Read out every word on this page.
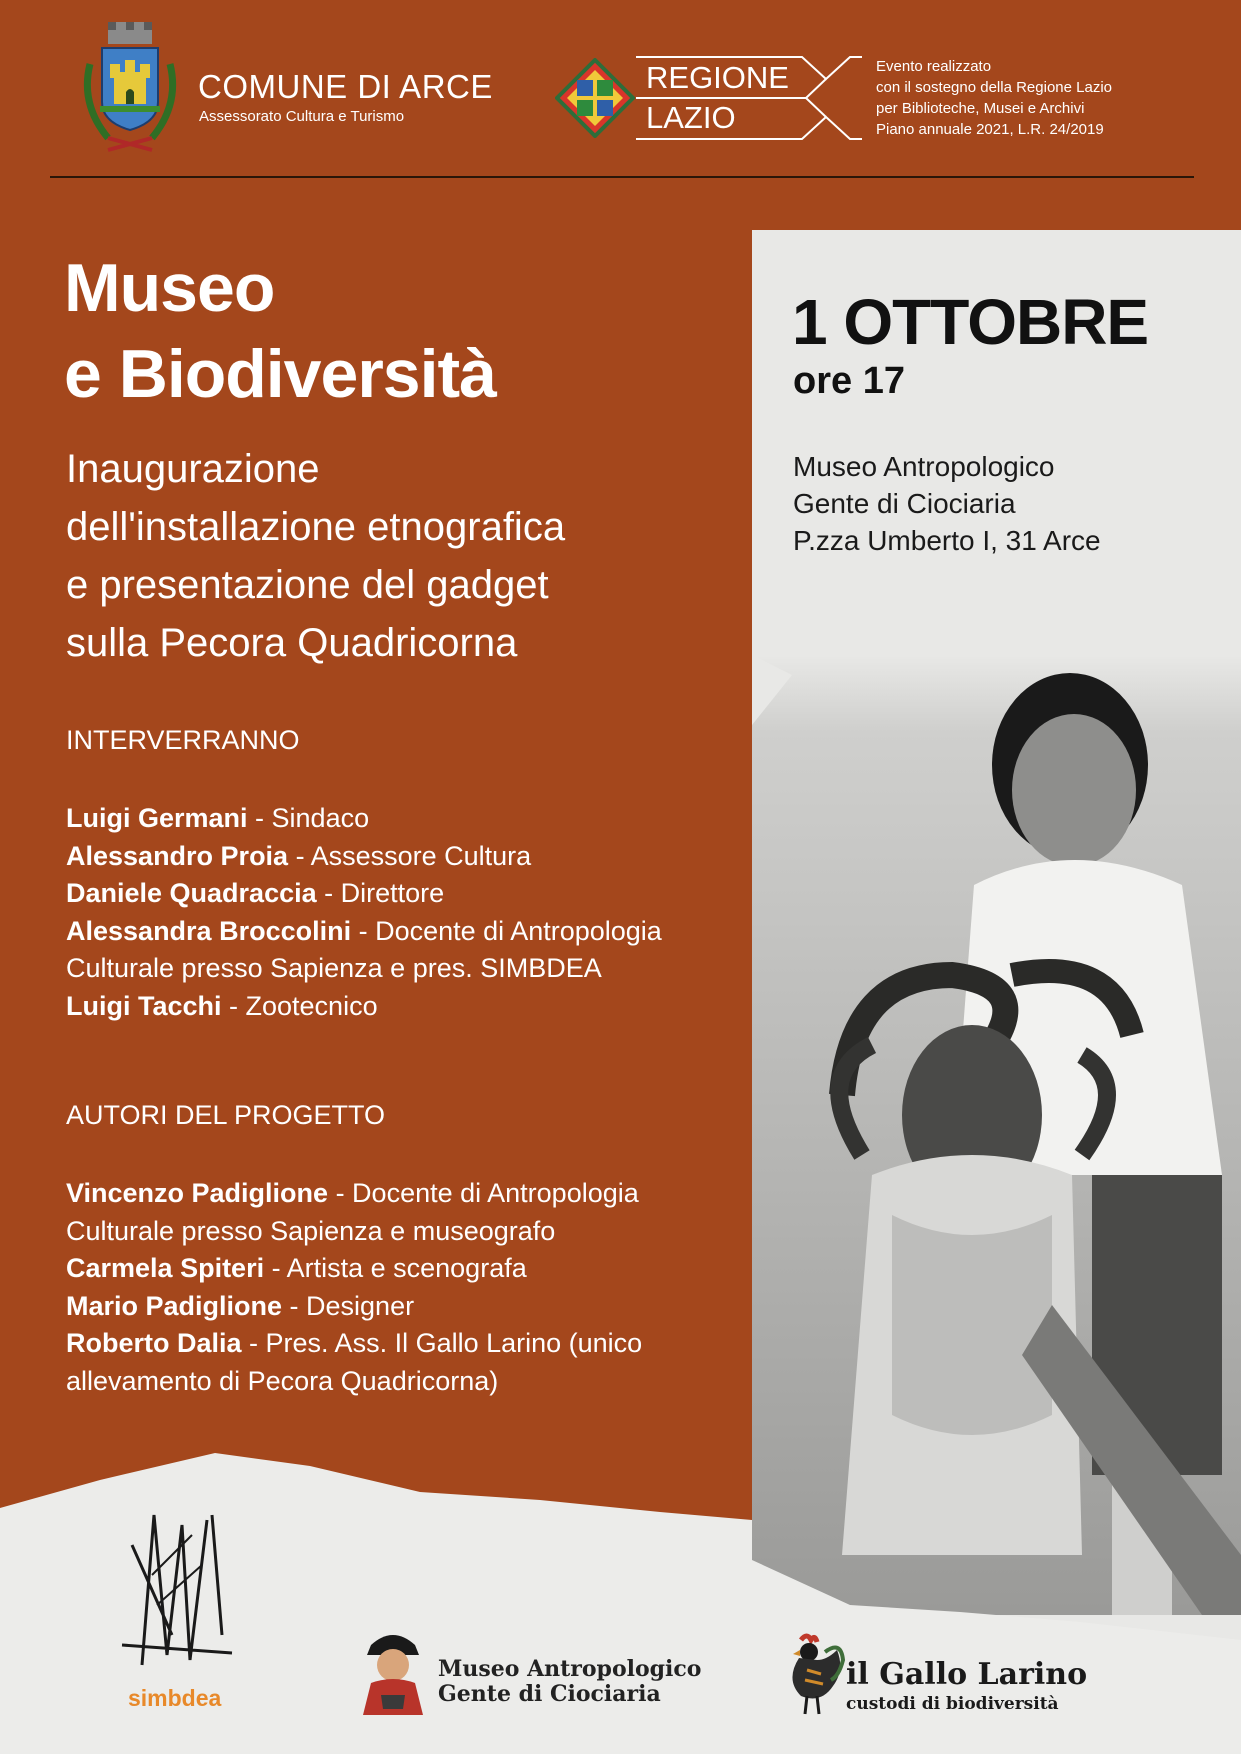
COMUNE DI ARCE
Assessorato Cultura e Turismo
REGIONE
LAZIO
Evento realizzato
con il sostegno della Regione Lazio
per Biblioteche, Musei e Archivi
Piano annuale 2021, L.R. 24/2019
1 OTTOBRE
ore 17
Museo Antropologico
Gente di Ciociaria
P.zza Umberto I, 31 Arce
Museo
e Biodiversità
Inaugurazione
dell'installazione etnografica
e presentazione del gadget
sulla Pecora Quadricorna
INTERVERRANNO
Luigi Germani - Sindaco
Alessandro Proia - Assessore Cultura
Daniele Quadraccia - Direttore
Alessandra Broccolini - Docente di Antropologia
Culturale presso Sapienza e pres. SIMBDEA
Luigi Tacchi - Zootecnico
AUTORI DEL PROGETTO
Vincenzo Padiglione - Docente di Antropologia
Culturale presso Sapienza e museografo
Carmela Spiteri - Artista e scenografa
Mario Padiglione - Designer
Roberto Dalia - Pres. Ass. Il Gallo Larino (unico
allevamento di Pecora Quadricorna)
simbdea
Museo Antropologico
Gente di Ciociaria
il Gallo Larino
custodi di biodiversità
